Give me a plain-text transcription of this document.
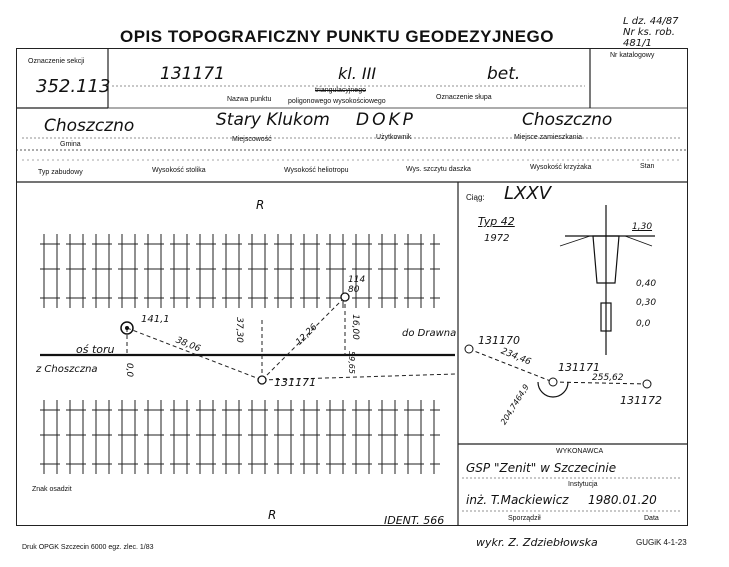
OPIS TOPOGRAFICZNY PUNKTU GEODEZYJNEGO
L dz. 44/87
Nr ks. rob. 481/1
Oznaczenie sekcji
352.113
Nr katalogowy
131171	kl. III	bet.
Nazwa punktu
triangulacyjnego
poligonowego wysokościowego
Oznaczenie słupa
Choszczno	Stary Klukom DOKP	Choszczno
Gmina
Miejscowość	Użytkownik	Miejsce zamieszkania
Typ zabudowy	Wysokość stolika	Wysokość heliotropu	Wys. szczytu daszka	Wysokość krzyżaka	Stan
R
R
141,1
oś toru
z Choszczna
do Drawna
38,06
37,30	12,26	16,00
0,0	59,65
114
80
131171
Znak osadzit
IDENT. 566
Ciąg: LXXV
Typ 42
1972
1,30
0,40
0,30
0,0
131170
131171
131172
234,46
255,62
204,7464,9
WYKONAWCA
GSP "Zenit" w Szczecinie
Instytucja
inż. T.Mackiewicz 1980.01.20
Sporządził	Data
Druk OPGK Szczecin 6000 egz. zlec. 1/83	wykr. Z. Zdziebłowska	GUGiK 4-1-23
